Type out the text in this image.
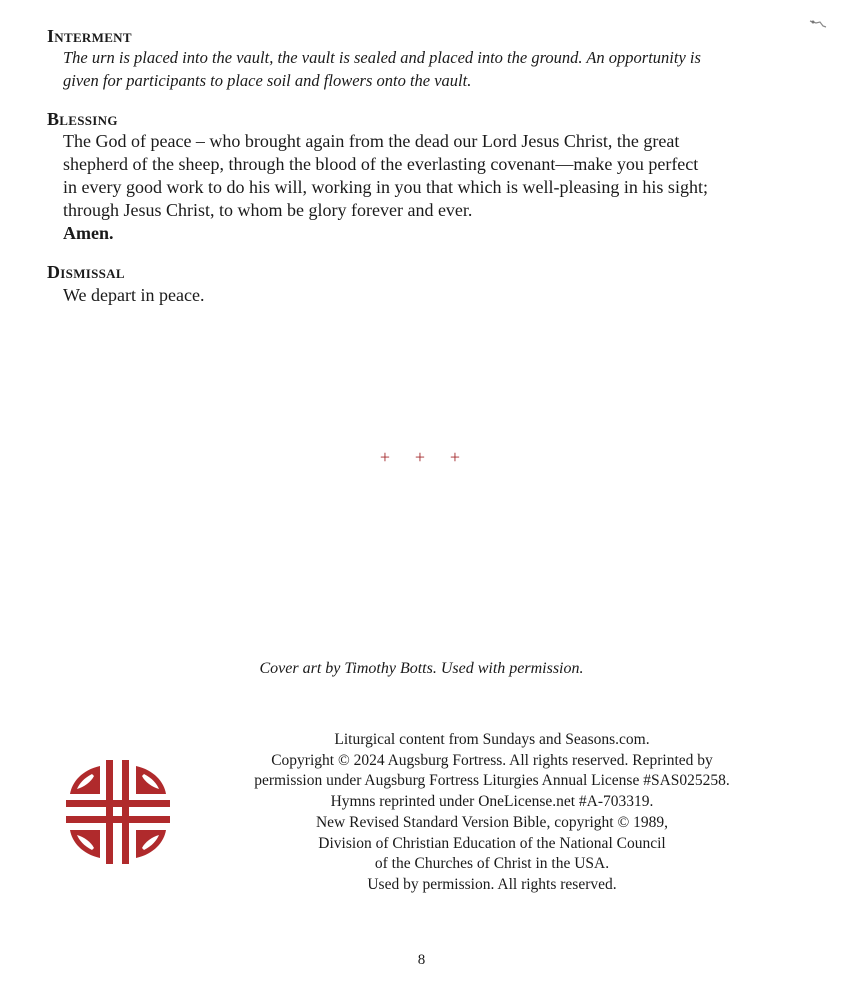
Interment

The urn is placed into the vault, the vault is sealed and placed into the ground. An opportunity is
given for participants to place soil and flowers onto the vault.

Blessing

The God of peace – who brought again from the dead our Lord Jesus Christ, the great
shepherd of the sheep, through the blood of the everlasting covenant—make you perfect
in every good work to do his will, working in you that which is well-pleasing in his sight;
through Jesus Christ, to whom be glory forever and ever.
Amen.

Dismissal

We depart in peace.

+ + +

Cover art by Timothy Botts. Used with permission.

Liturgical content from Sundays and Seasons.com.
Copyright © 2024 Augsburg Fortress. All rights reserved. Reprinted by
permission under Augsburg Fortress Liturgies Annual License #SAS025258.
Hymns reprinted under OneLicense.net #A-703319.
New Revised Standard Version Bible, copyright © 1989,
Division of Christian Education of the National Council
of the Churches of Christ in the USA.
Used by permission. All rights reserved.

8
